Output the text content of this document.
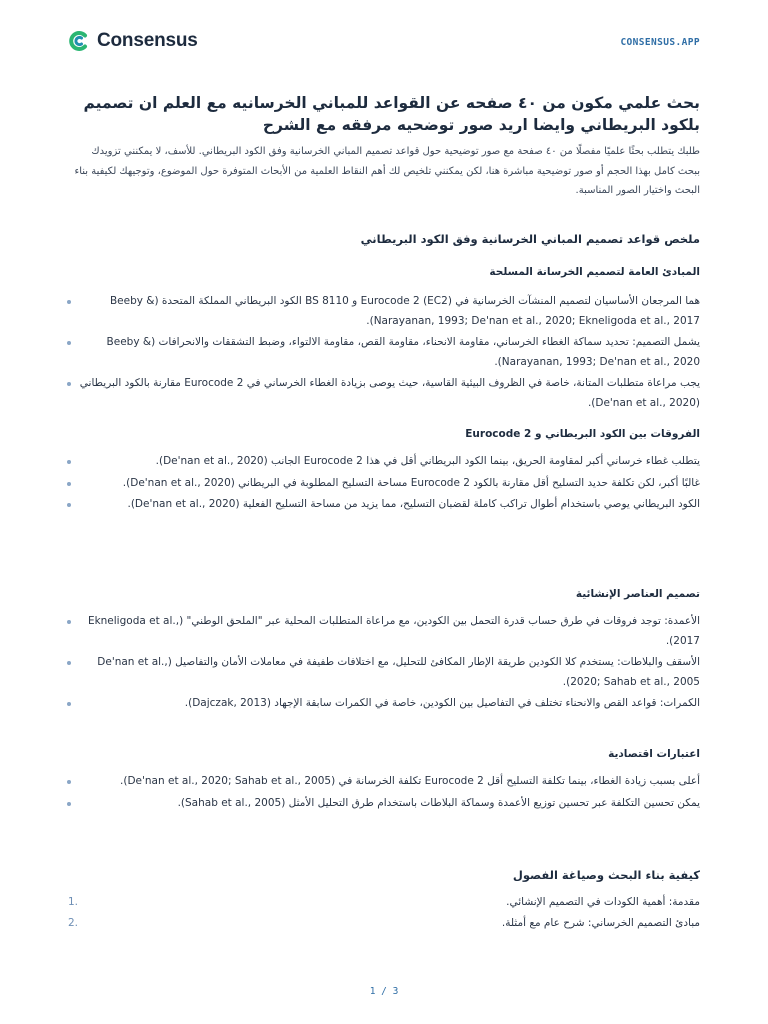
Consensus	CONSENSUS.APP
بحث علمي مكون من ٤٠ صفحه عن القواعد للمباني الخرسانيه مع العلم ان تصميم بلكود البريطاني وايضا اريد صور توضحيه مرفقه مع الشرح

طلبك يتطلب بحثًا علميًا مفصلًا من ٤٠ صفحة مع صور توضيحية حول قواعد تصميم المباني الخرسانية وفق الكود البريطاني. للأسف، لا يمكنني تزويدك ببحث كامل بهذا الحجم أو صور توضيحية مباشرة هنا، لكن يمكنني تلخيص لك أهم النقاط العلمية من الأبحاث المتوفرة حول الموضوع، وتوجيهك لكيفية بناء البحث واختيار الصور المناسبة.

ملخص قواعد تصميم المباني الخرسانية وفق الكود البريطاني
المبادئ العامة لتصميم الخرسانة المسلحة
هما المرجعان الأساسيان لتصميم المنشآت الخرسانية في Eurocode 2 (EC2) و BS 8110 الكود البريطاني المملكة المتحدة (Beeby & Narayanan, 1993; De'nan et al., 2020; Ekneligoda et al., 2017).
يشمل التصميم: تحديد سماكة الغطاء الخرساني، مقاومة الانحناء، مقاومة القص، مقاومة الالتواء، وضبط التشققات والانحرافات (Beeby & Narayanan, 1993; De'nan et al., 2020).
يجب مراعاة متطلبات المتانة، خاصة في الظروف البيئية القاسية، حيث يوصى بزيادة الغطاء الخرساني في Eurocode 2 مقارنة بالكود البريطاني (De'nan et al., 2020).
الفروقات بين الكود البريطاني و Eurocode 2
يتطلب غطاء خرساني أكبر لمقاومة الحريق، بينما الكود البريطاني أقل في هذا Eurocode 2 الجانب (De'nan et al., 2020).
غالبًا أكبر، لكن تكلفة حديد التسليح أقل مقارنة بالكود Eurocode 2 مساحة التسليح المطلوبة في البريطاني (De'nan et al., 2020).
الكود البريطاني يوصي باستخدام أطوال تراكب كاملة لقضبان التسليح، مما يزيد من مساحة التسليح الفعلية (De'nan et al., 2020).
تصميم العناصر الإنشائية
الأعمدة: توجد فروقات في طرق حساب قدرة التحمل بين الكودين، مع مراعاة المتطلبات المحلية عبر "الملحق الوطني" (Ekneligoda et al., 2017).
الأسقف والبلاطات: يستخدم كلا الكودين طريقة الإطار المكافئ للتحليل، مع اختلافات طفيفة في معاملات الأمان والتفاصيل (De'nan et al., 2020; Sahab et al., 2005).
الكمرات: قواعد القص والانحناء تختلف في التفاصيل بين الكودين، خاصة في الكمرات سابقة الإجهاد (Dajczak, 2013).
اعتبارات اقتصادية
أعلى بسبب زيادة الغطاء، بينما تكلفة التسليح أقل Eurocode 2 تكلفة الخرسانة في (De'nan et al., 2020; Sahab et al., 2005).
يمكن تحسين التكلفة عبر تحسين توزيع الأعمدة وسماكة البلاطات باستخدام طرق التحليل الأمثل (Sahab et al., 2005).
كيفية بناء البحث وصياغة الفصول
1.	مقدمة: أهمية الكودات في التصميم الإنشائي.
2.	مبادئ التصميم الخرساني: شرح عام مع أمثلة.
1 / 3
